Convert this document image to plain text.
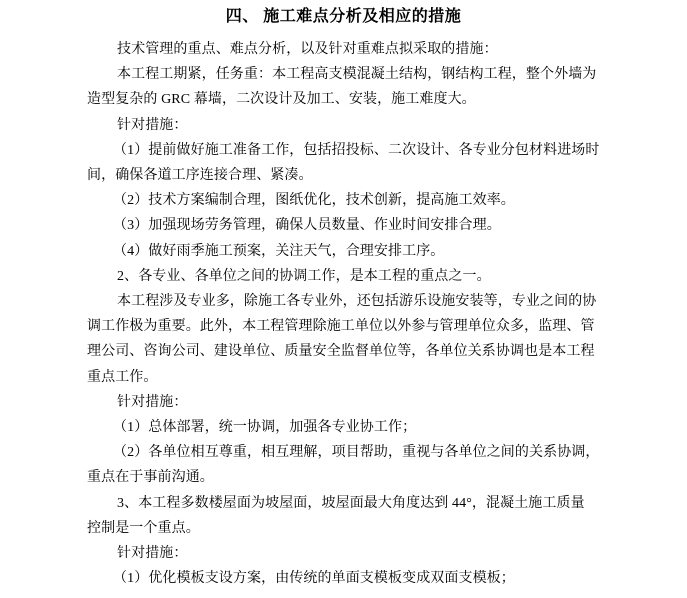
四、 施工难点分析及相应的措施
技术管理的重点、难点分析，以及针对重难点拟采取的措施：
本工程工期紧，任务重：本工程高支模混凝土结构，钢结构工程，整个外墙为
造型复杂的 GRC 幕墙，二次设计及加工、安装，施工难度大。
针对措施：
（1）提前做好施工准备工作，包括招投标、二次设计、各专业分包材料进场时
间，确保各道工序连接合理、紧凑。
（2）技术方案编制合理，图纸优化，技术创新，提高施工效率。
（3）加强现场劳务管理，确保人员数量、作业时间安排合理。
（4）做好雨季施工预案，关注天气，合理安排工序。
2、各专业、各单位之间的协调工作，是本工程的重点之一。
本工程涉及专业多，除施工各专业外，还包括游乐设施安装等，专业之间的协
调工作极为重要。此外，本工程管理除施工单位以外参与管理单位众多，监理、管
理公司、咨询公司、建设单位、质量安全监督单位等，各单位关系协调也是本工程
重点工作。
针对措施：
（1）总体部署，统一协调，加强各专业协工作；
（2）各单位相互尊重，相互理解，项目帮助，重视与各单位之间的关系协调，
重点在于事前沟通。
3、本工程多数楼屋面为坡屋面，坡屋面最大角度达到 44°，混凝土施工质量
控制是一个重点。
针对措施：
（1）优化模板支设方案，由传统的单面支模板变成双面支模板；
